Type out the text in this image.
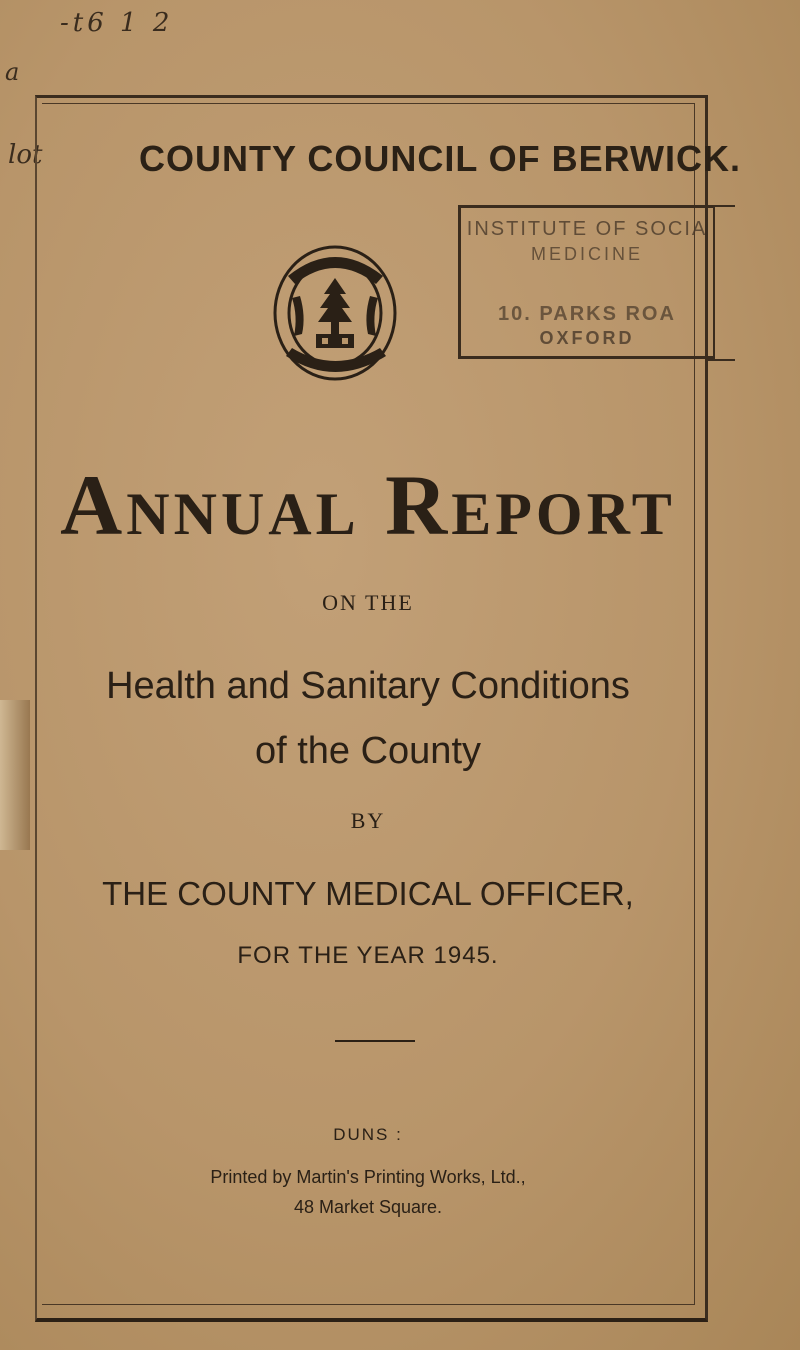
-t6 1 2
a
lot	COUNTY COUNCIL OF BERWICK.
INSTITUTE OF SOCIA
MEDICINE
10. PARKS ROA
OXFORD
Annual Report
ON THE
Health and Sanitary Conditions
of the County
BY
THE COUNTY MEDICAL OFFICER,
FOR THE YEAR 1945.
DUNS :
Printed by Martin's Printing Works, Ltd.,
48 Market Square.
